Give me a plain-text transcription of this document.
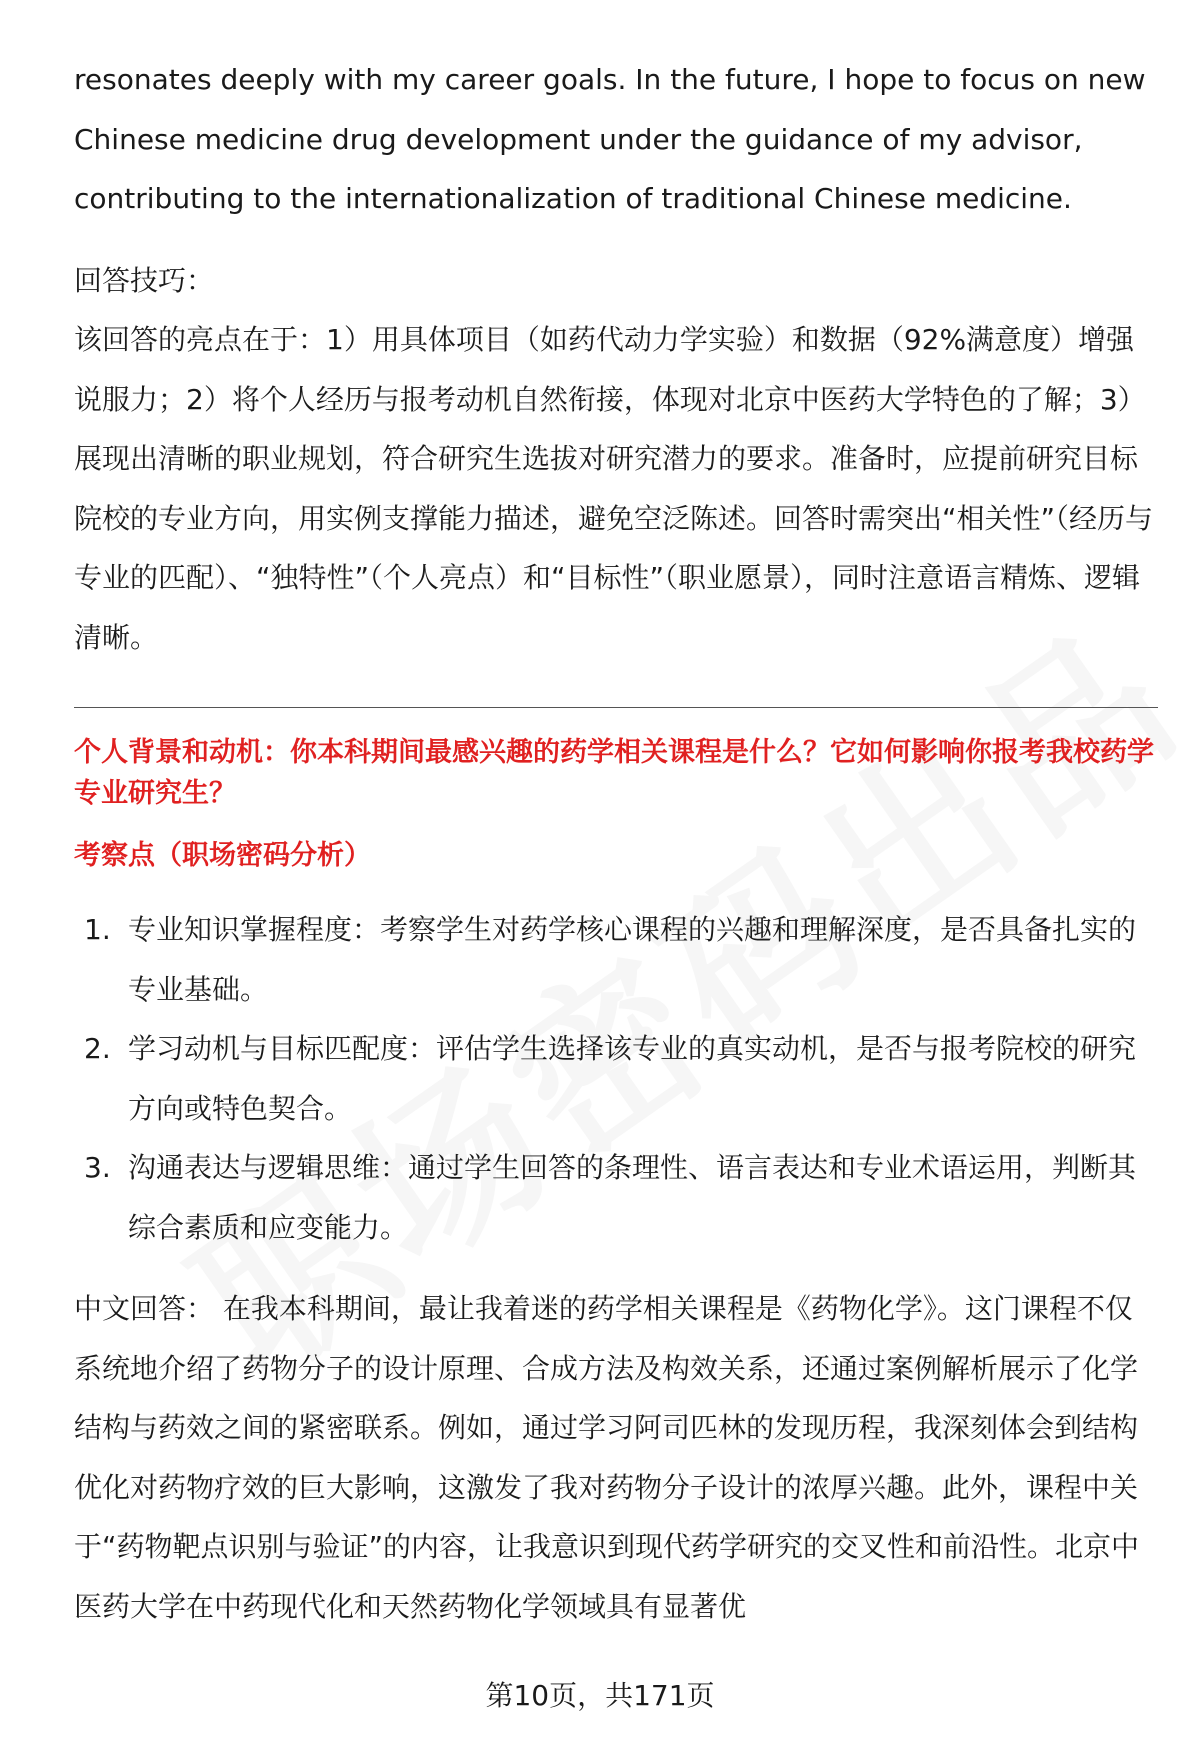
resonates deeply with my career goals. In the future, I hope to focus on new Chinese medicine drug development under the guidance of my advisor, contributing to the internationalization of traditional Chinese medicine.

回答技巧：

该回答的亮点在于：1）用具体项目（如药代动力学实验）和数据（92%满意度）增强说服力；2）将个人经历与报考动机自然衔接，体现对北京中医药大学特色的了解；3）展现出清晰的职业规划，符合研究生选拔对研究潜力的要求。准备时，应提前研究目标院校的专业方向，用实例支撑能力描述，避免空泛陈述。回答时需突出“相关性”（经历与专业的匹配）、“独特性”（个人亮点）和“目标性”（职业愿景），同时注意语言精炼、逻辑清晰。

个人背景和动机：你本科期间最感兴趣的药学相关课程是什么？它如何影响你报考我校药学专业研究生？

考察点（职场密码分析）

1. 专业知识掌握程度：考察学生对药学核心课程的兴趣和理解深度，是否具备扎实的专业基础。
2. 学习动机与目标匹配度：评估学生选择该专业的真实动机，是否与报考院校的研究方向或特色契合。
3. 沟通表达与逻辑思维：通过学生回答的条理性、语言表达和专业术语运用，判断其综合素质和应变能力。

中文回答： 在我本科期间，最让我着迷的药学相关课程是《药物化学》。这门课程不仅系统地介绍了药物分子的设计原理、合成方法及构效关系，还通过案例解析展示了化学结构与药效之间的紧密联系。例如，通过学习阿司匹林的发现历程，我深刻体会到结构优化对药物疗效的巨大影响，这激发了我对药物分子设计的浓厚兴趣。此外，课程中关于“药物靶点识别与验证”的内容，让我意识到现代药学研究的交叉性和前沿性。北京中医药大学在中药现代化和天然药物化学领域具有显著优

第10页，共171页
